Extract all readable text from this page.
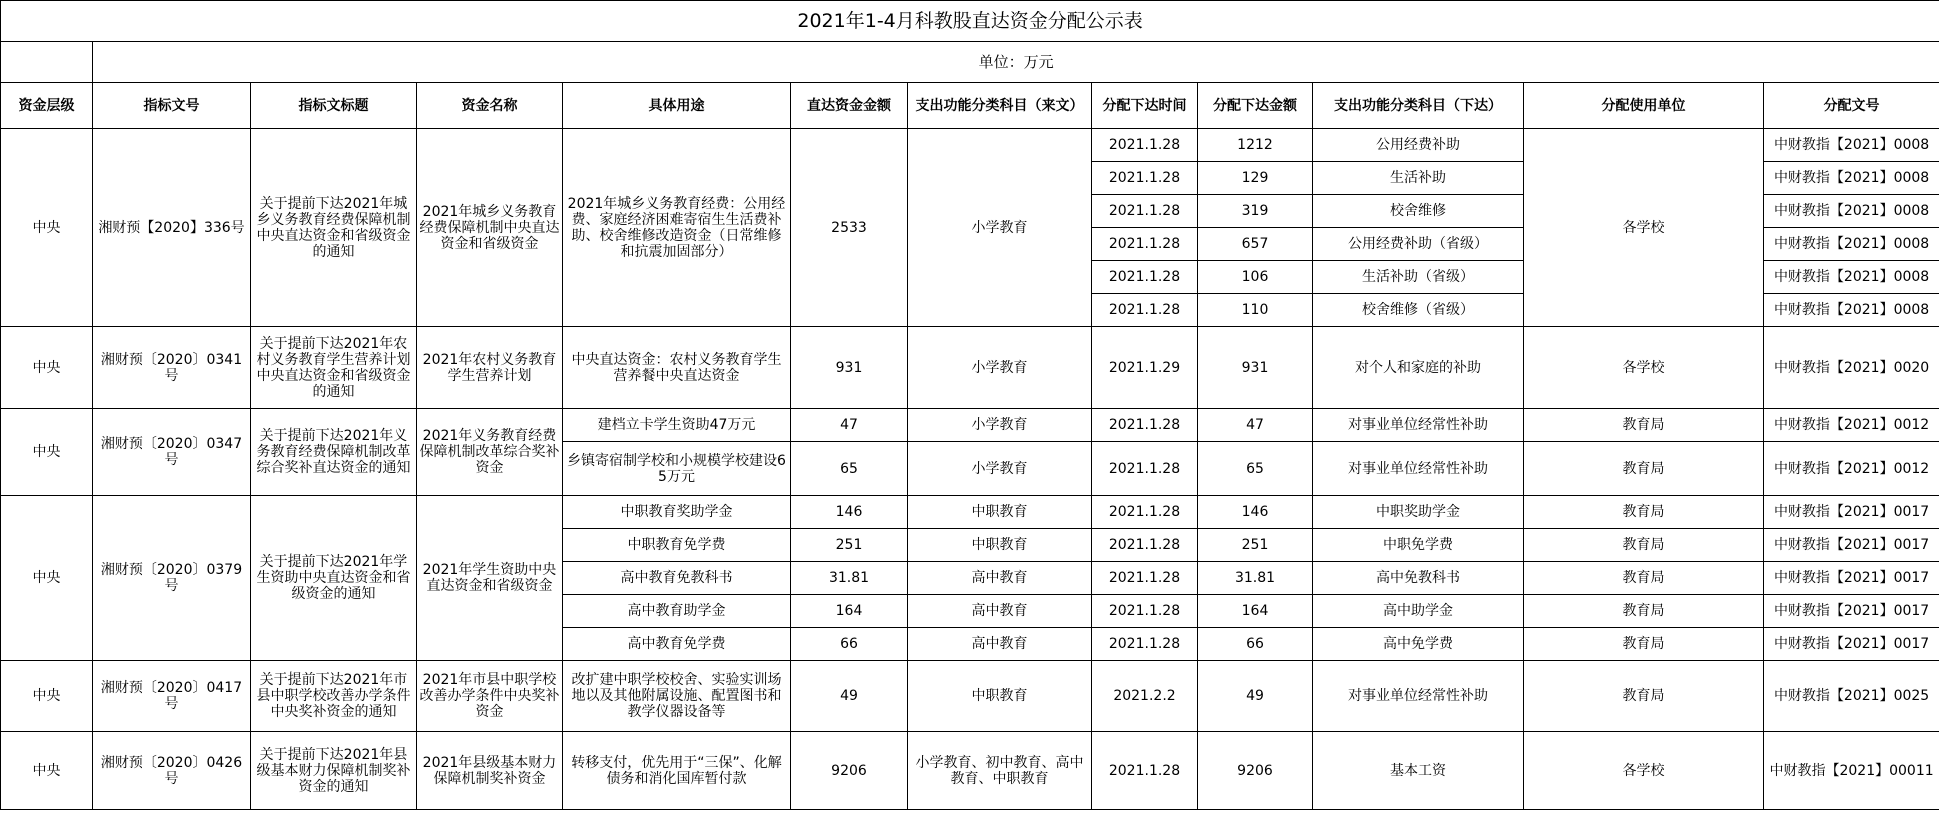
2021年1-4月科教股直达资金分配公示表											
	单位：万元										
资金层级	指标文号	指标文标题	资金名称	具体用途	直达资金金额	支出功能分类科目（来文）	分配下达时间	分配下达金额	支出功能分类科目（下达）	分配使用单位	分配文号
中央	湘财预【2020】336号	关于提前下达2021年城乡义务教育经费保障机制中央直达资金和省级资金的通知	2021年城乡义务教育经费保障机制中央直达资金和省级资金	2021年城乡义务教育经费：公用经费、家庭经济困难寄宿生生活费补助、校舍维修改造资金（日常维修和抗震加固部分）	2533	小学教育	2021.1.28	1212	公用经费补助	各学校	中财教指【2021】0008
							2021.1.28	129	生活补助		中财教指【2021】0008
							2021.1.28	319	校舍维修		中财教指【2021】0008
							2021.1.28	657	公用经费补助（省级）		中财教指【2021】0008
							2021.1.28	106	生活补助（省级）		中财教指【2021】0008
							2021.1.28	110	校舍维修（省级）		中财教指【2021】0008
中央	湘财预〔2020〕0341号	关于提前下达2021年农村义务教育学生营养计划中央直达资金和省级资金的通知	2021年农村义务教育学生营养计划	中央直达资金：农村义务教育学生营养餐中央直达资金	931	小学教育	2021.1.29	931	对个人和家庭的补助	各学校	中财教指【2021】0020
中央	湘财预〔2020〕0347号	关于提前下达2021年义务教育经费保障机制改革综合奖补直达资金的通知	2021年义务教育经费保障机制改革综合奖补资金	建档立卡学生资助47万元	47	小学教育	2021.1.28	47	对事业单位经常性补助	教育局	中财教指【2021】0012
				乡镇寄宿制学校和小规模学校建设65万元	65	小学教育	2021.1.28	65	对事业单位经常性补助	教育局	中财教指【2021】0012
中央	湘财预〔2020〕0379号	关于提前下达2021年学生资助中央直达资金和省级资金的通知	2021年学生资助中央直达资金和省级资金	中职教育奖助学金	146	中职教育	2021.1.28	146	中职奖助学金	教育局	中财教指【2021】0017
				中职教育免学费	251	中职教育	2021.1.28	251	中职免学费	教育局	中财教指【2021】0017
				高中教育免教科书	31.81	高中教育	2021.1.28	31.81	高中免教科书	教育局	中财教指【2021】0017
				高中教育助学金	164	高中教育	2021.1.28	164	高中助学金	教育局	中财教指【2021】0017
				高中教育免学费	66	高中教育	2021.1.28	66	高中免学费	教育局	中财教指【2021】0017
中央	湘财预〔2020〕0417号	关于提前下达2021年市县中职学校改善办学条件中央奖补资金的通知	2021年市县中职学校改善办学条件中央奖补资金	改扩建中职学校校舍、实验实训场地以及其他附属设施、配置图书和教学仪器设备等	49	中职教育	2021.2.2	49	对事业单位经常性补助	教育局	中财教指【2021】0025
中央	湘财预〔2020〕0426号	关于提前下达2021年县级基本财力保障机制奖补资金的通知	2021年县级基本财力保障机制奖补资金	转移支付，优先用于“三保”、化解债务和消化国库暂付款	9206	小学教育、初中教育、高中教育、中职教育	2021.1.28	9206	基本工资	各学校	中财教指【2021】00011
